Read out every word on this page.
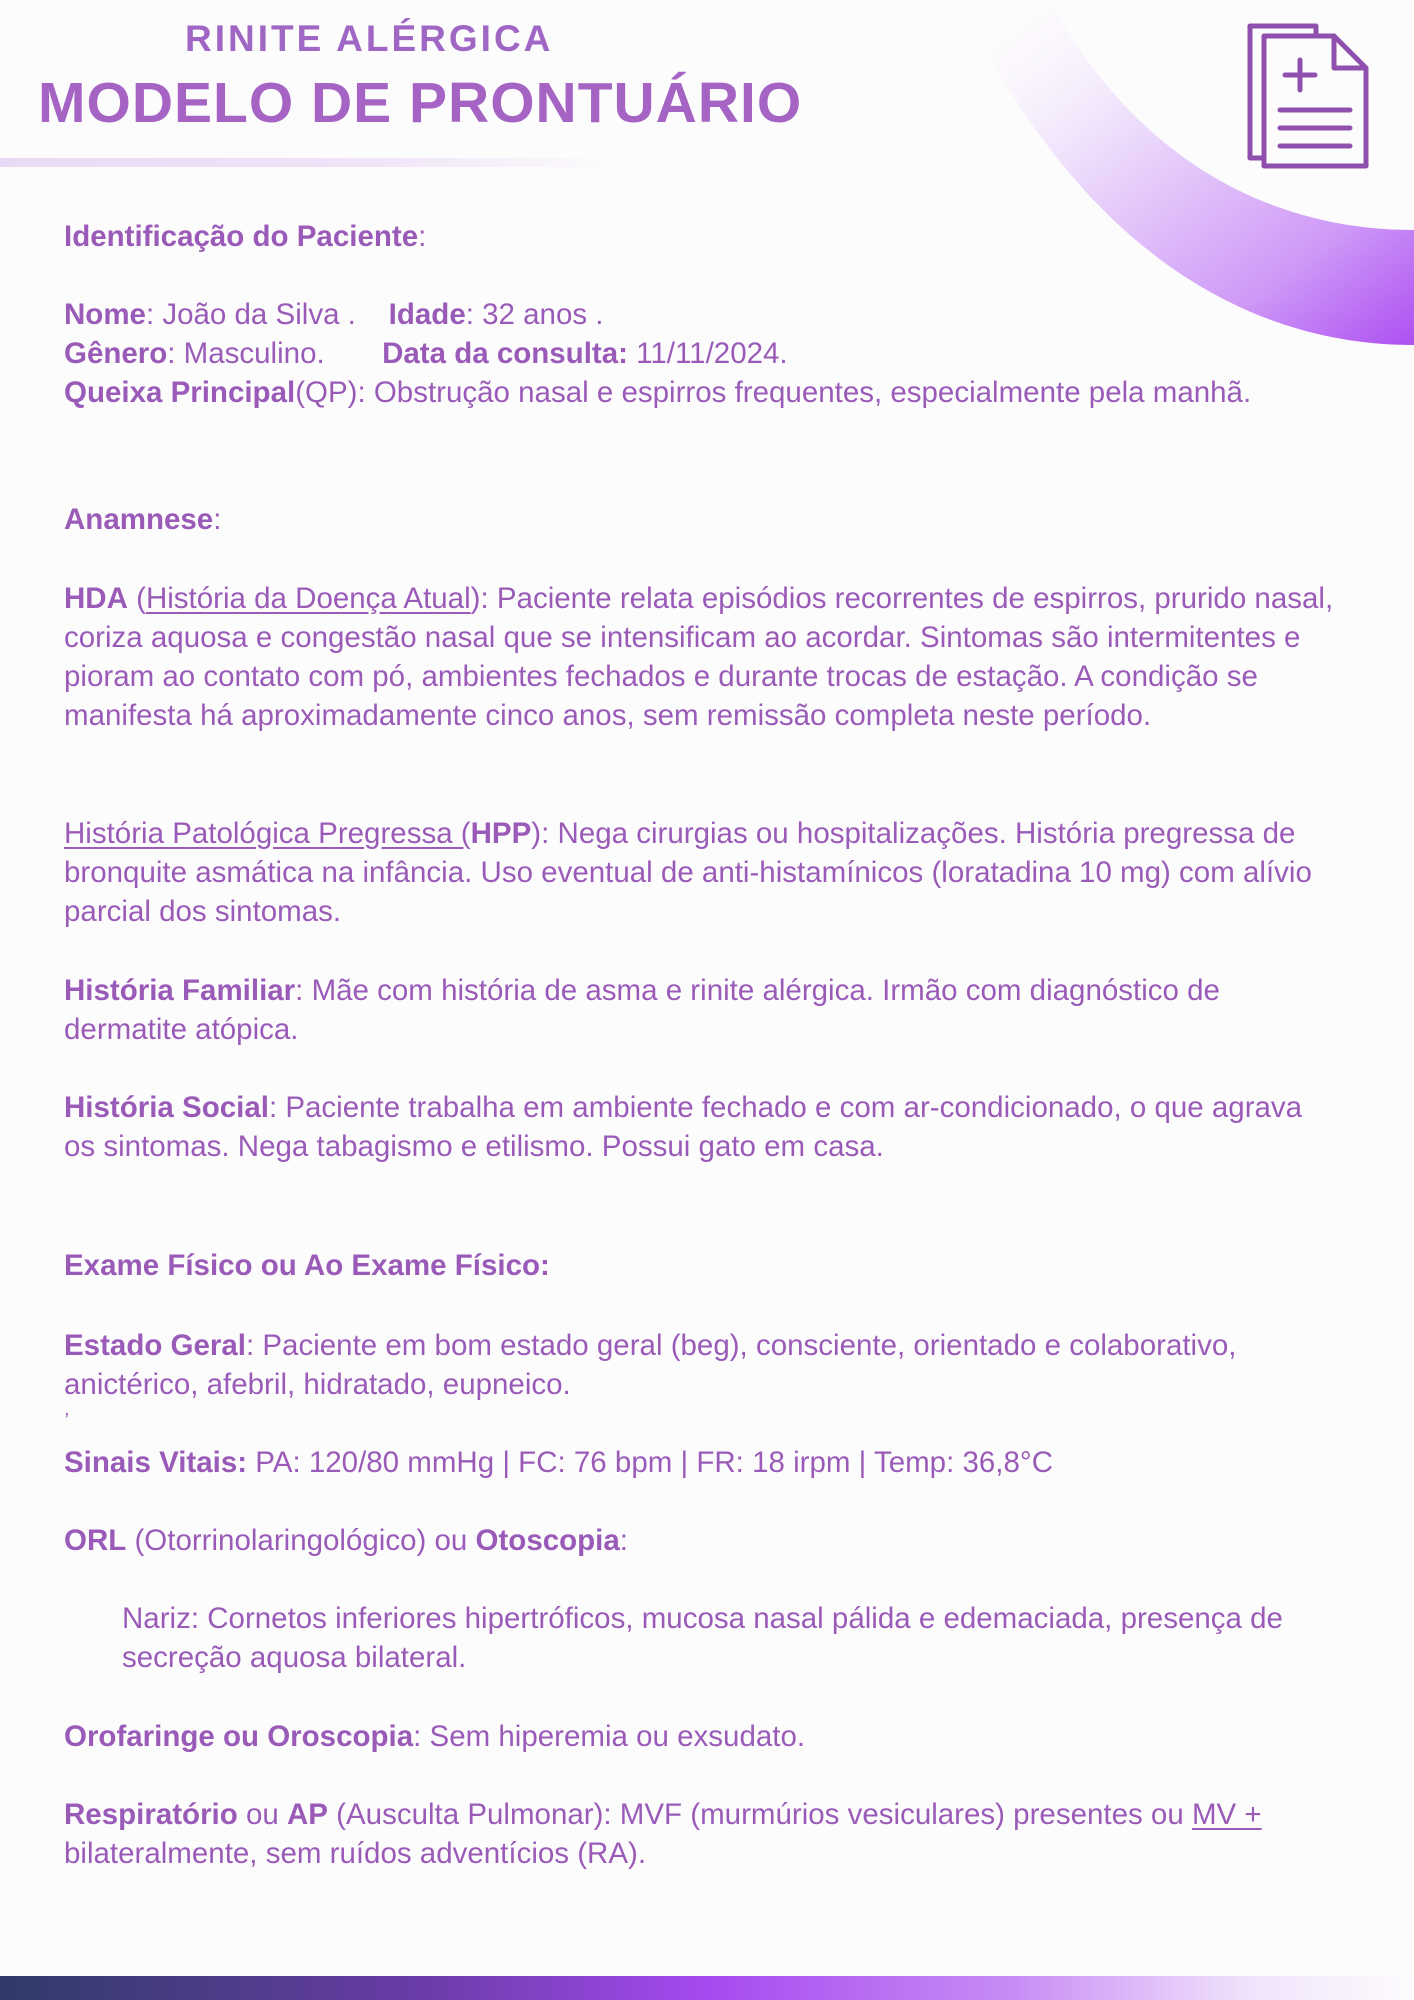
RINITE ALÉRGICA
MODELO DE PRONTUÁRIO

Identificação do Paciente:

Nome: João da Silva . Idade: 32 anos .

Gênero: Masculino. Data da consulta: 11/11/2024.

Queixa Principal(QP): Obstrução nasal e espirros frequentes, especialmente pela manhã.

Anamnese:

HDA (História da Doença Atual): Paciente relata episódios recorrentes de espirros, prurido nasal, coriza aquosa e congestão nasal que se intensificam ao acordar. Sintomas são intermitentes e pioram ao contato com pó, ambientes fechados e durante trocas de estação. A condição se manifesta há aproximadamente cinco anos, sem remissão completa neste período.

História Patológica Pregressa (HPP): Nega cirurgias ou hospitalizações. História pregressa de bronquite asmática na infância. Uso eventual de anti-histamínicos (loratadina 10 mg) com alívio parcial dos sintomas.

História Familiar: Mãe com história de asma e rinite alérgica. Irmão com diagnóstico de dermatite atópica.

História Social: Paciente trabalha em ambiente fechado e com ar-condicionado, o que agrava os sintomas. Nega tabagismo e etilismo. Possui gato em casa.

Exame Físico ou Ao Exame Físico:

Estado Geral: Paciente em bom estado geral (beg), consciente, orientado e colaborativo, anictérico, afebril, hidratado, eupneico.

,

Sinais Vitais: PA: 120/80 mmHg | FC: 76 bpm | FR: 18 irpm | Temp: 36,8°C

ORL (Otorrinolaringológico) ou Otoscopia:

Nariz: Cornetos inferiores hipertróficos, mucosa nasal pálida e edemaciada, presença de secreção aquosa bilateral.

Orofaringe ou Oroscopia: Sem hiperemia ou exsudato.

Respiratório ou AP (Ausculta Pulmonar): MVF (murmúrios vesiculares) presentes ou MV + bilateralmente, sem ruídos adventícios (RA).
